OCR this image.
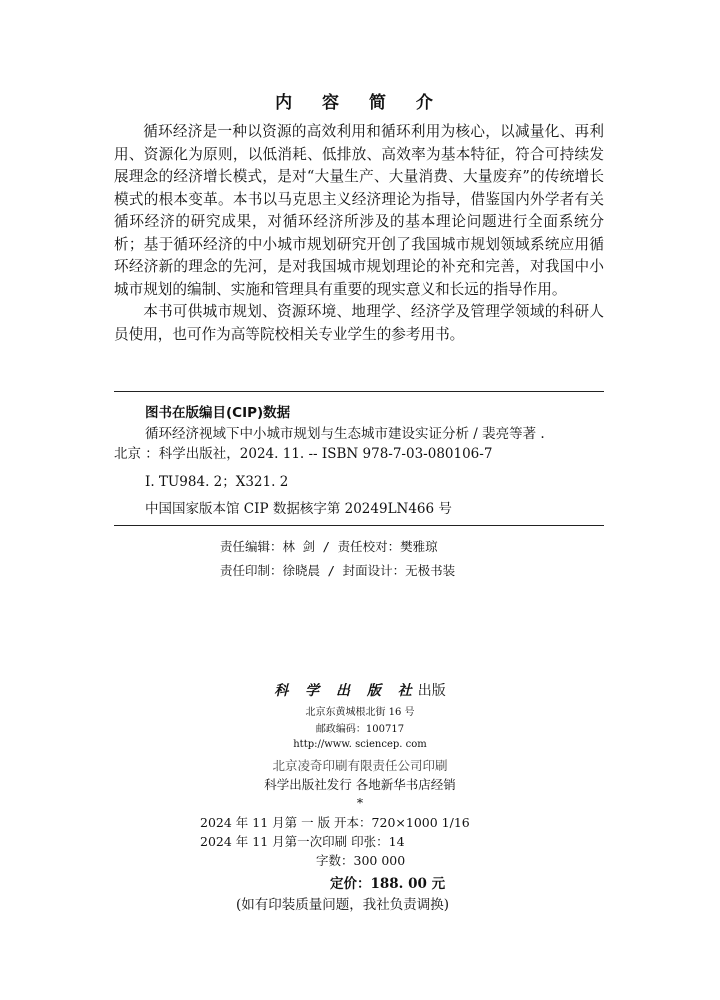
内 容 简 介

循环经济是一种以资源的高效利用和循环利用为核心，以减量化、再利用、资源化为原则，以低消耗、低排放、高效率为基本特征，符合可持续发展理念的经济增长模式，是对“大量生产、大量消费、大量废弃”的传统增长模式的根本变革。本书以马克思主义经济理论为指导，借鉴国内外学者有关循环经济的研究成果，对循环经济所涉及的基本理论问题进行全面系统分析；基于循环经济的中小城市规划研究开创了我国城市规划领域系统应用循环经济新的理念的先河，是对我国城市规划理论的补充和完善，对我国中小城市规划的编制、实施和管理具有重要的现实意义和长远的指导作用。

本书可供城市规划、资源环境、地理学、经济学及管理学领域的科研人员使用，也可作为高等院校相关专业学生的参考用书。

图书在版编目(CIP)数据
循环经济视域下中小城市规划与生态城市建设实证分析 / 裴亮等著 .
北京 ：科学出版社，2024. 11. -- ISBN 978-7-03-080106-7
Ⅰ. TU984. 2；X321. 2
中国国家版本馆 CIP 数据核字第 20249LN466 号
责任编辑：林 剑 / 责任校对：樊雅琼
责任印制：徐晓晨 / 封面设计：无极书装
科 学 出 版 社出版
北京东黄城根北街 16 号
邮政编码：100717
http://www. sciencep. com
北京凌奇印刷有限责任公司印刷
科学出版社发行 各地新华书店经销
*
2024 年 11 月第 一 版 开本：720×1000 1/16
2024 年 11 月第一次印刷 印张：14
字数：300 000
定价：188. 00 元
(如有印装质量问题，我社负责调换)
